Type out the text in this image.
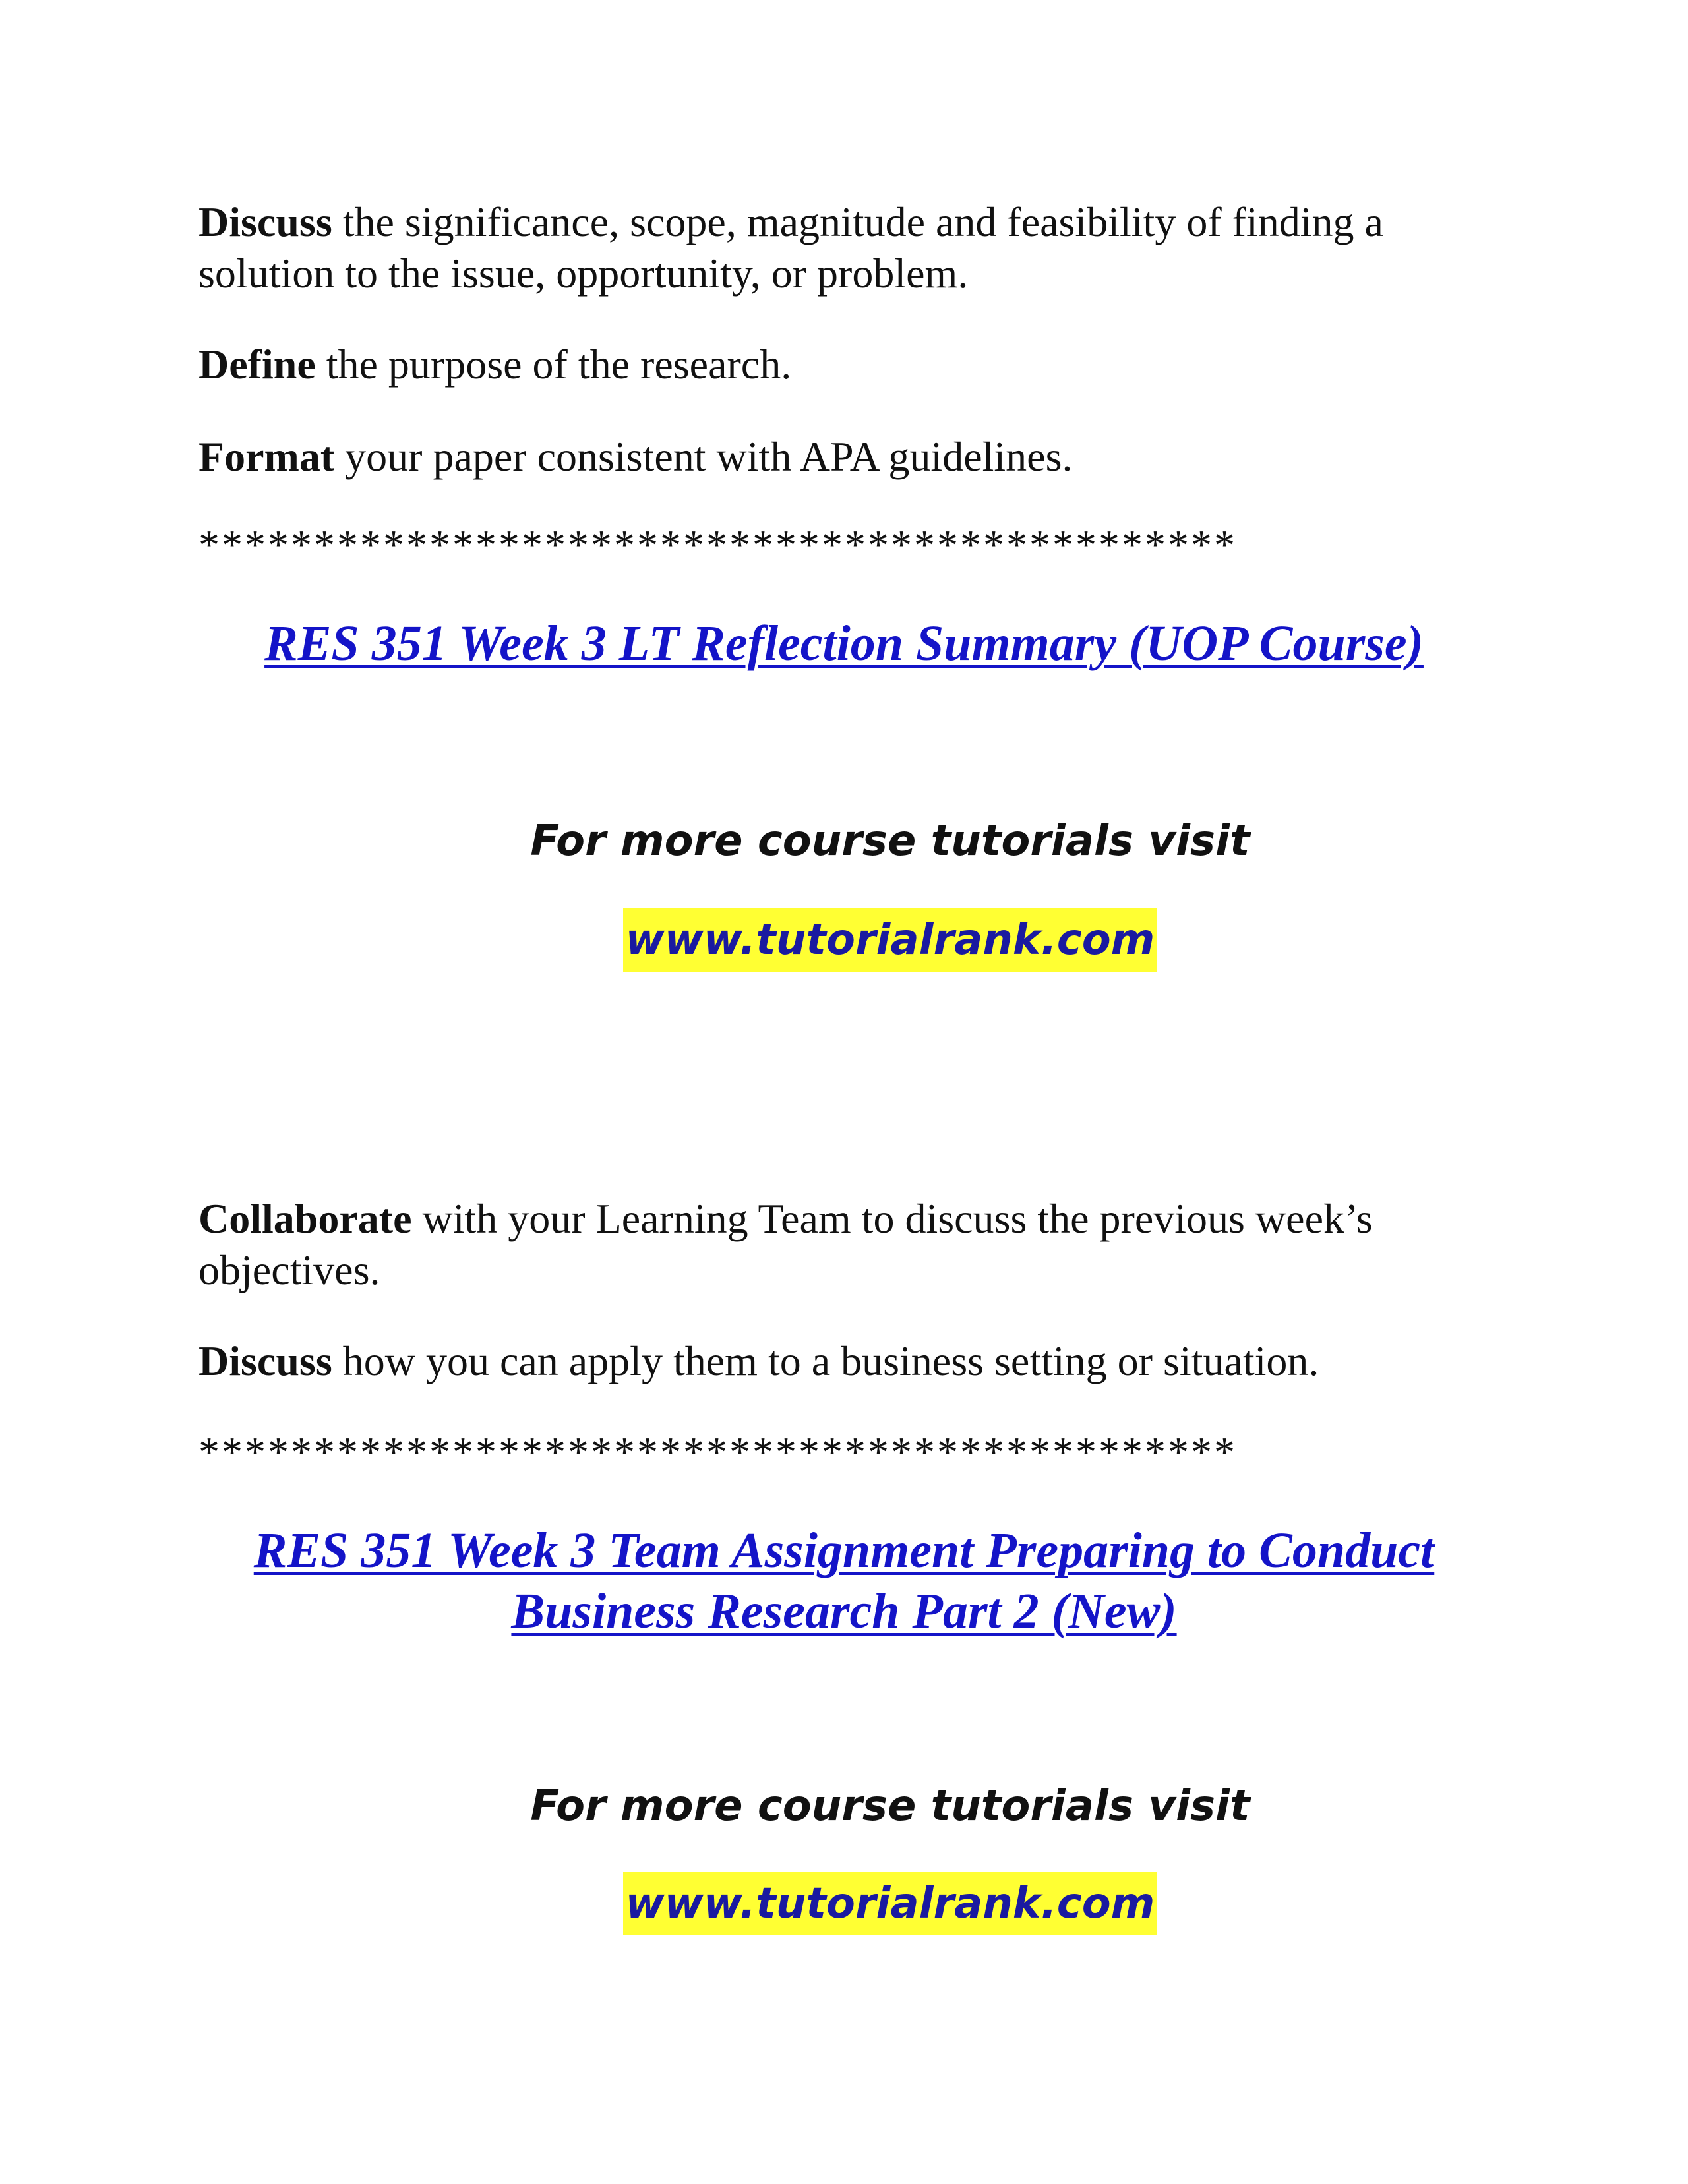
Discuss the significance, scope, magnitude and feasibility of finding a solution to the issue, opportunity, or problem.

Define the purpose of the research.

Format your paper consistent with APA guidelines.

*********************************************
RES 351 Week 3 LT Reflection Summary (UOP Course)
For more course tutorials visit
www.tutorialrank.com

Collaborate with your Learning Team to discuss the previous week’s objectives.

Discuss how you can apply them to a business setting or situation.

*********************************************
RES 351 Week 3 Team Assignment Preparing to Conduct
Business Research Part 2 (New)
For more course tutorials visit
www.tutorialrank.com
